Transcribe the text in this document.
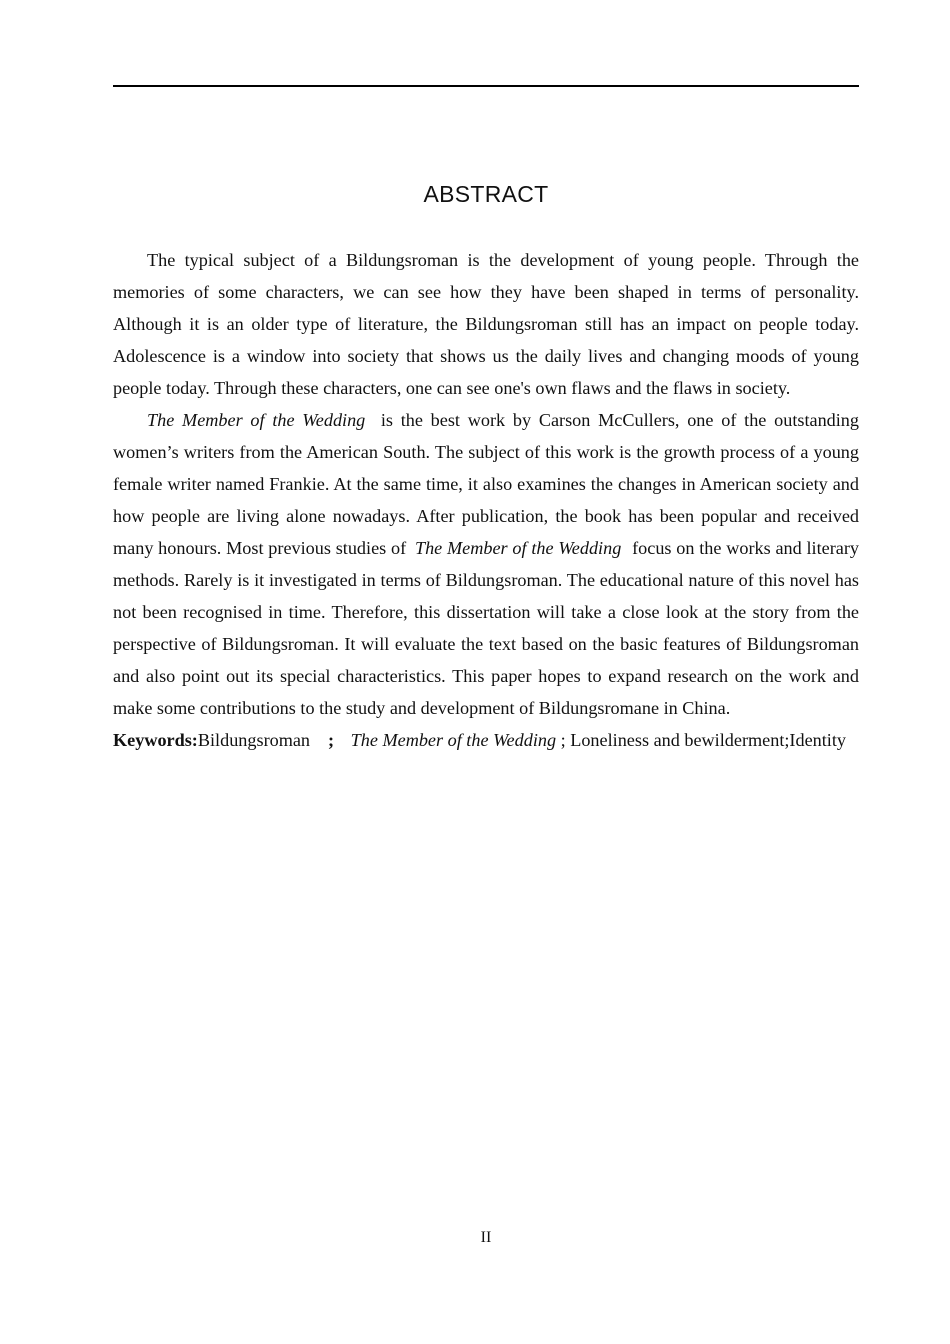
ABSTRACT

The typical subject of a Bildungsroman is the development of young people. Through the memories of some characters, we can see how they have been shaped in terms of personality. Although it is an older type of literature, the Bildungsroman still has an impact on people today. Adolescence is a window into society that shows us the daily lives and changing moods of young people today. Through these characters, one can see one's own flaws and the flaws in society.

The Member of the Wedding is the best work by Carson McCullers, one of the outstanding women’s writers from the American South. The subject of this work is the growth process of a young female writer named Frankie. At the same time, it also examines the changes in American society and how people are living alone nowadays. After publication, the book has been popular and received many honours. Most previous studies of The Member of the Wedding focus on the works and literary methods. Rarely is it investigated in terms of Bildungsroman. The educational nature of this novel has not been recognised in time. Therefore, this dissertation will take a close look at the story from the perspective of Bildungsroman. It will evaluate the text based on the basic features of Bildungsroman and also point out its special characteristics. This paper hopes to expand research on the work and make some contributions to the study and development of Bildungsromane in China.

Keywords:Bildungsroman ; The Member of the Wedding ; Loneliness and bewilderment;Identity

II
